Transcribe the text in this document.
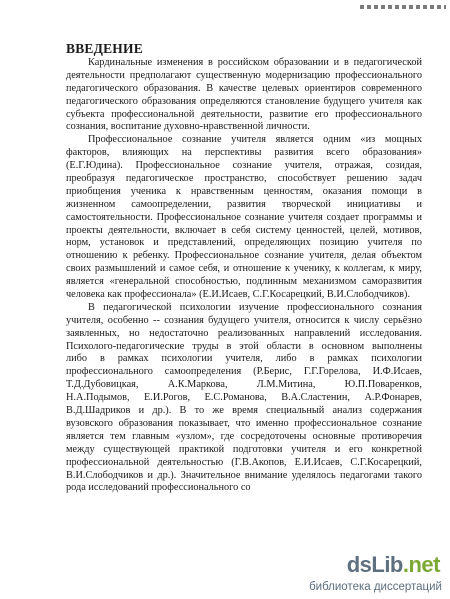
ВВЕДЕНИЕ
Кардинальные изменения в российском образовании и в педагогической
деятельности предполагают существенную модернизацию профессионального
педагогического образования. В качестве целевых ориентиров современного
педагогического образования определяются становление будущего учителя как
субъекта профессиональной деятельности, развитие его профессионального
сознания, воспитание духовно-нравственной личности.
Профессиональное сознание учителя является одним «из мощных
факторов, влияющих на перспективы развития всего образования»
(Е.Г.Юдина). Профессиональное сознание учителя, отражая, созидая,
преобразуя педагогическое пространство, способствует решению задач
приобщения ученика к нравственным ценностям, оказания помощи в
жизненном самоопределении, развития творческой инициативы и
самостоятельности. Профессиональное сознание учителя создает программы и
проекты деятельности, включает в себя систему ценностей, целей, мотивов,
норм, установок и представлений, определяющих позицию учителя по
отношению к ребенку. Профессиональное сознание учителя, делая объектом
своих размышлений и самое себя, и отношение к ученику, к коллегам, к миру,
является «генеральной способностью, подлинным механизмом саморазвития
человека как профессионала» (Е.И.Исаев, С.Г.Косарецкий, В.И.Слободчиков).
В педагогической психологии изучение профессионального сознания
учителя, особенно -- сознания будущего учителя, относится к числу серьёзно
заявленных, но недостаточно реализованных направлений исследования.
Психолого-педагогические труды в этой области в основном выполнены
либо в рамках психологии учителя, либо в рамках психологии
профессионального самоопределения (Р.Берис, Г.Г.Горелова, И.Ф.Исаев,
Т.Д.Дубовицкая, А.К.Маркова, Л.М.Митина, Ю.П.Поваренков,
Н.А.Подымов, Е.И.Рогов, Е.С.Романова, В.А.Сластенин, А.Р.Фонарев,
В.Д.Шадриков и др.). В то же время специальный анализ содержания
вузовского образования показывает, что именно профессиональное сознание
является тем главным «узлом», где сосредоточены основные противоречия
между существующей практикой подготовки учителя и его конкретной
профессиональной деятельностью (Г.В.Акопов, Е.И.Исаев, С.Г.Косарецкий,
В.И.Слободчиков и др.). Значительное внимание уделялось педагогами такого
рода исследований профессионального со
dsLib.net
библиотека диссертаций
